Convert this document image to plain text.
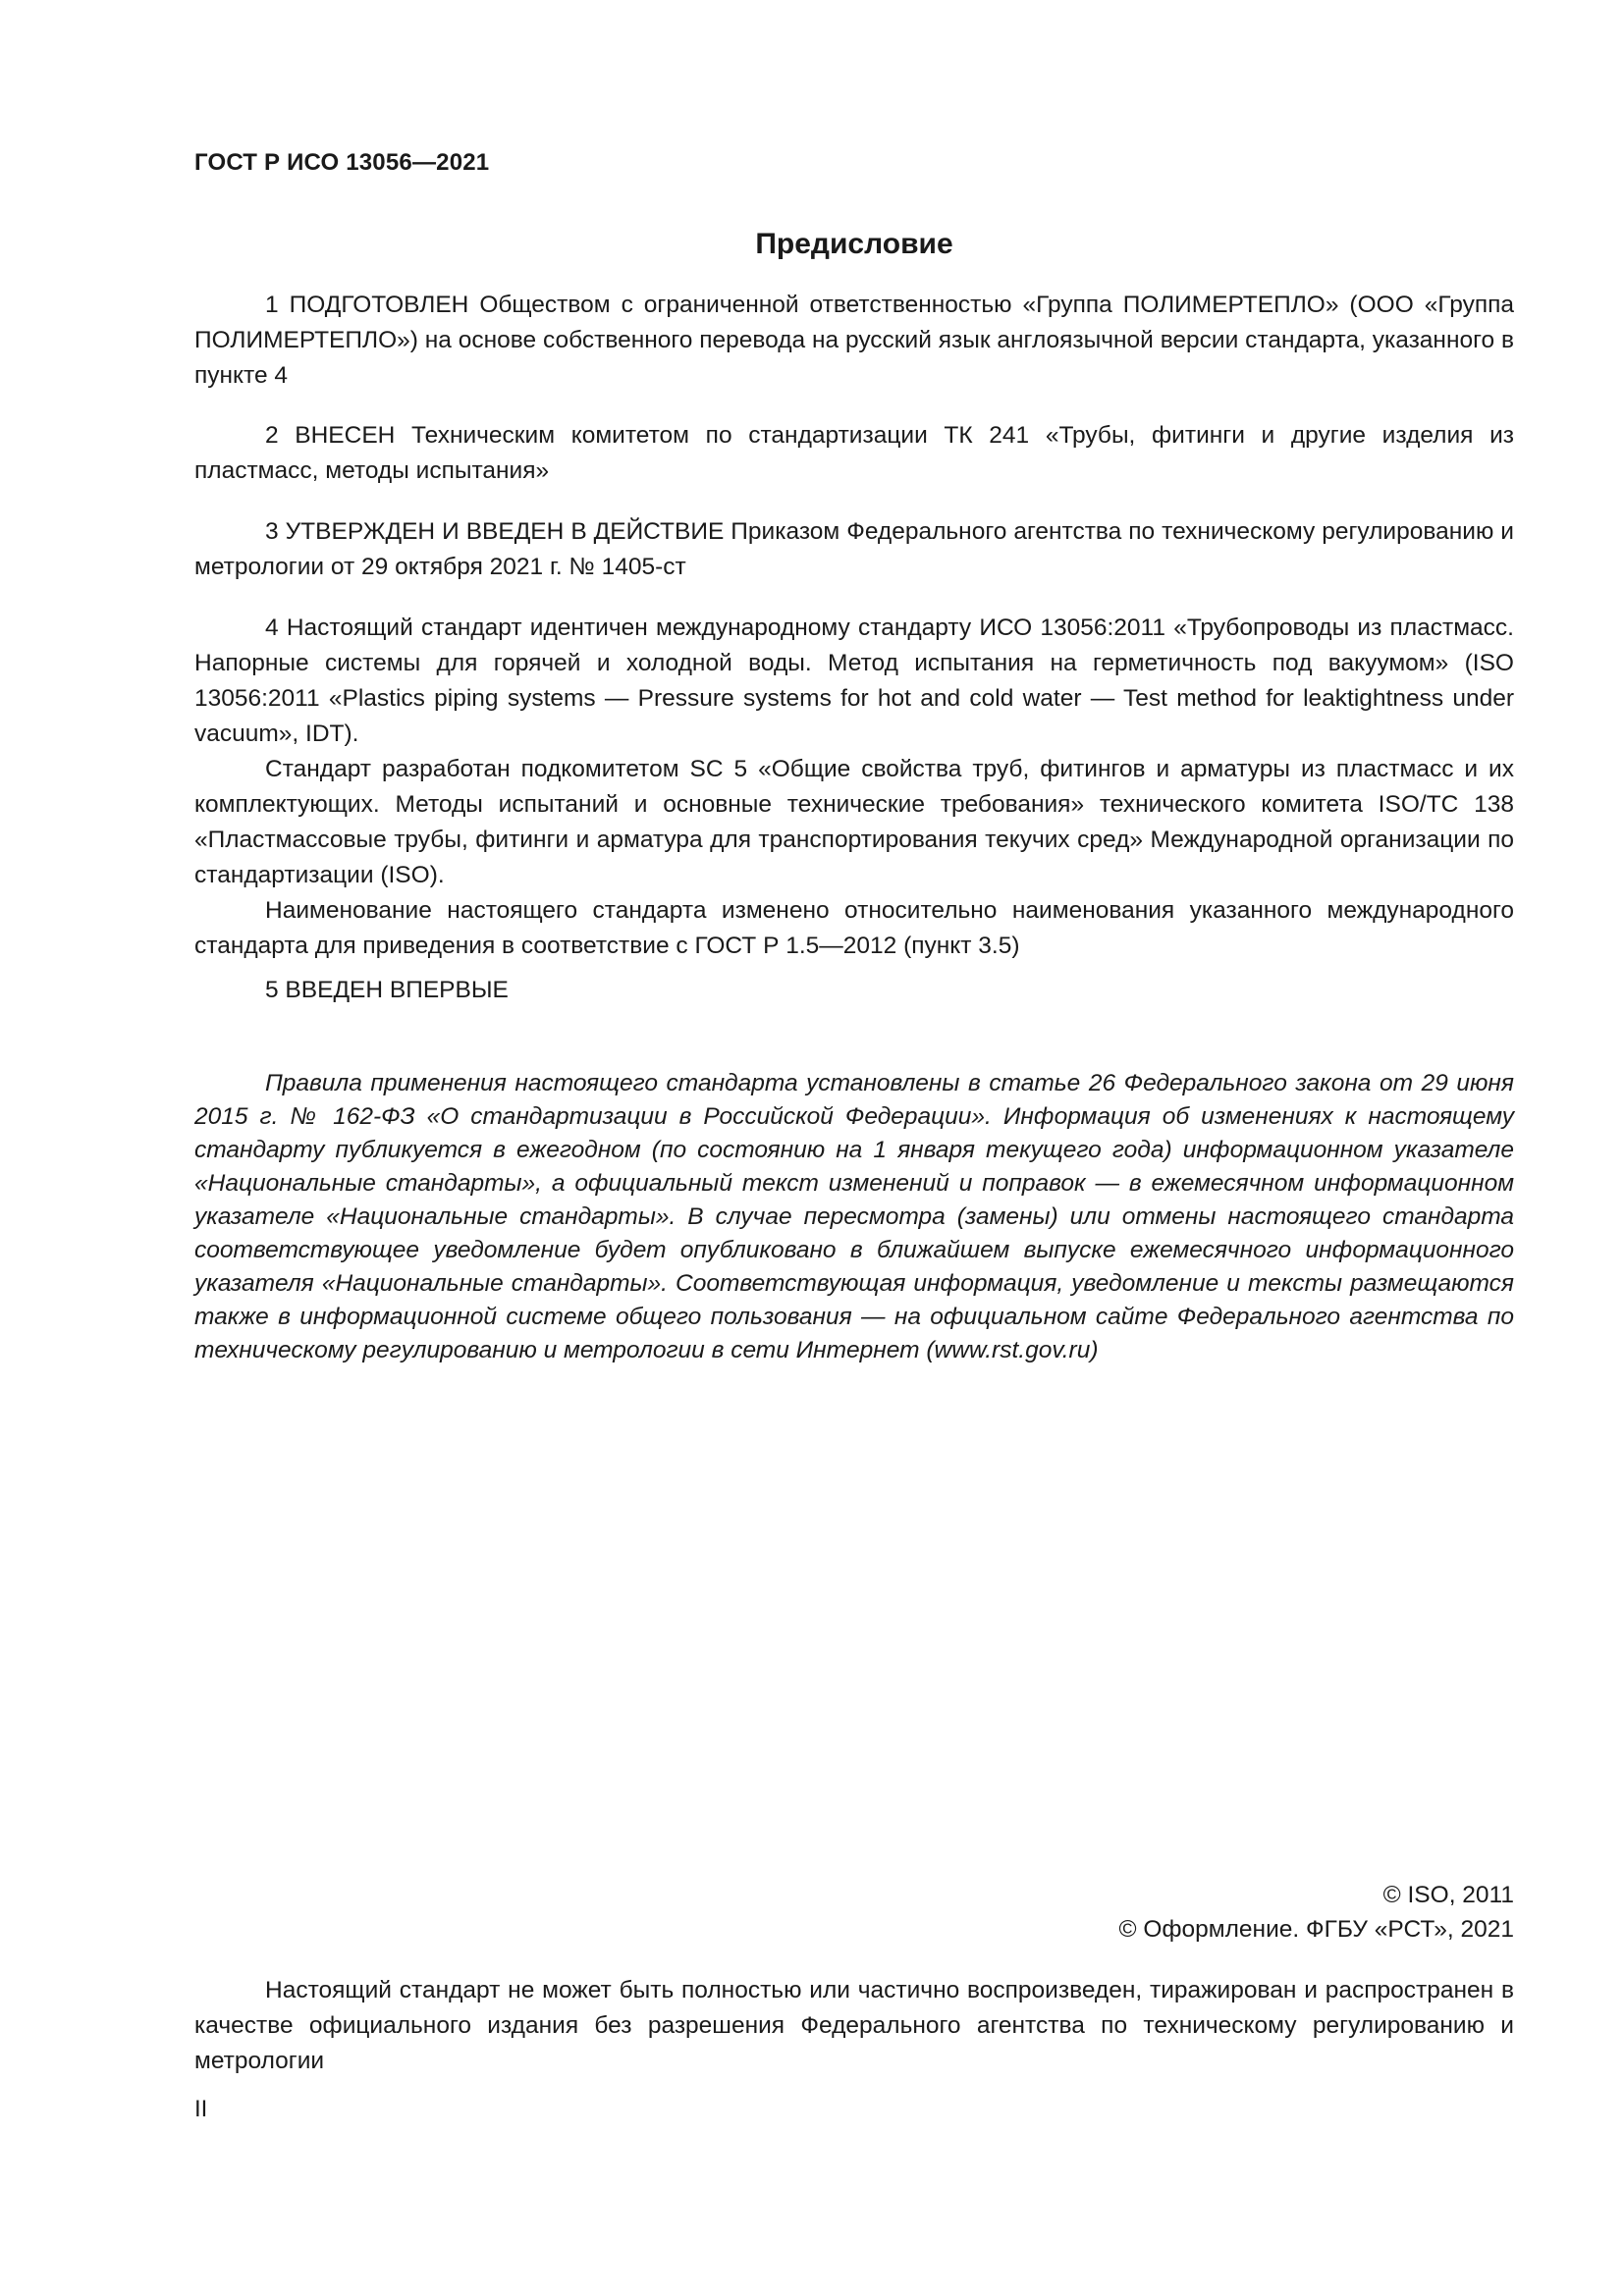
ГОСТ Р ИСО 13056—2021
Предисловие

1 ПОДГОТОВЛЕН Обществом с ограниченной ответственностью «Группа ПОЛИМЕРТЕПЛО» (ООО «Группа ПОЛИМЕРТЕПЛО») на основе собственного перевода на русский язык англоязычной версии стандарта, указанного в пункте 4

2 ВНЕСЕН Техническим комитетом по стандартизации ТК 241 «Трубы, фитинги и другие изделия из пластмасс, методы испытания»

3 УТВЕРЖДЕН И ВВЕДЕН В ДЕЙСТВИЕ Приказом Федерального агентства по техническому регулированию и метрологии от 29 октября 2021 г. № 1405-ст

4 Настоящий стандарт идентичен международному стандарту ИСО 13056:2011 «Трубопроводы из пластмасс. Напорные системы для горячей и холодной воды. Метод испытания на герметичность под вакуумом» (ISO 13056:2011 «Plastics piping systems — Pressure systems for hot and cold water — Test method for leaktightness under vacuum», IDT).

Стандарт разработан подкомитетом SC 5 «Общие свойства труб, фитингов и арматуры из пластмасс и их комплектующих. Методы испытаний и основные технические требования» технического комитета ISO/TC 138 «Пластмассовые трубы, фитинги и арматура для транспортирования текучих сред» Международной организации по стандартизации (ISO).

Наименование настоящего стандарта изменено относительно наименования указанного международного стандарта для приведения в соответствие с ГОСТ Р 1.5—2012 (пункт 3.5)

5 ВВЕДЕН ВПЕРВЫЕ

Правила применения настоящего стандарта установлены в статье 26 Федерального закона от 29 июня 2015 г. № 162-ФЗ «О стандартизации в Российской Федерации». Информация об изменениях к настоящему стандарту публикуется в ежегодном (по состоянию на 1 января текущего года) информационном указателе «Национальные стандарты», а официальный текст изменений и поправок — в ежемесячном информационном указателе «Национальные стандарты». В случае пересмотра (замены) или отмены настоящего стандарта соответствующее уведомление будет опубликовано в ближайшем выпуске ежемесячного информационного указателя «Национальные стандарты». Соответствующая информация, уведомление и тексты размещаются также в информационной системе общего пользования — на официальном сайте Федерального агентства по техническому регулированию и метрологии в сети Интернет (www.rst.gov.ru)

© ISO, 2011
© Оформление. ФГБУ «РСТ», 2021

Настоящий стандарт не может быть полностью или частично воспроизведен, тиражирован и распространен в качестве официального издания без разрешения Федерального агентства по техническому регулированию и метрологии

II
